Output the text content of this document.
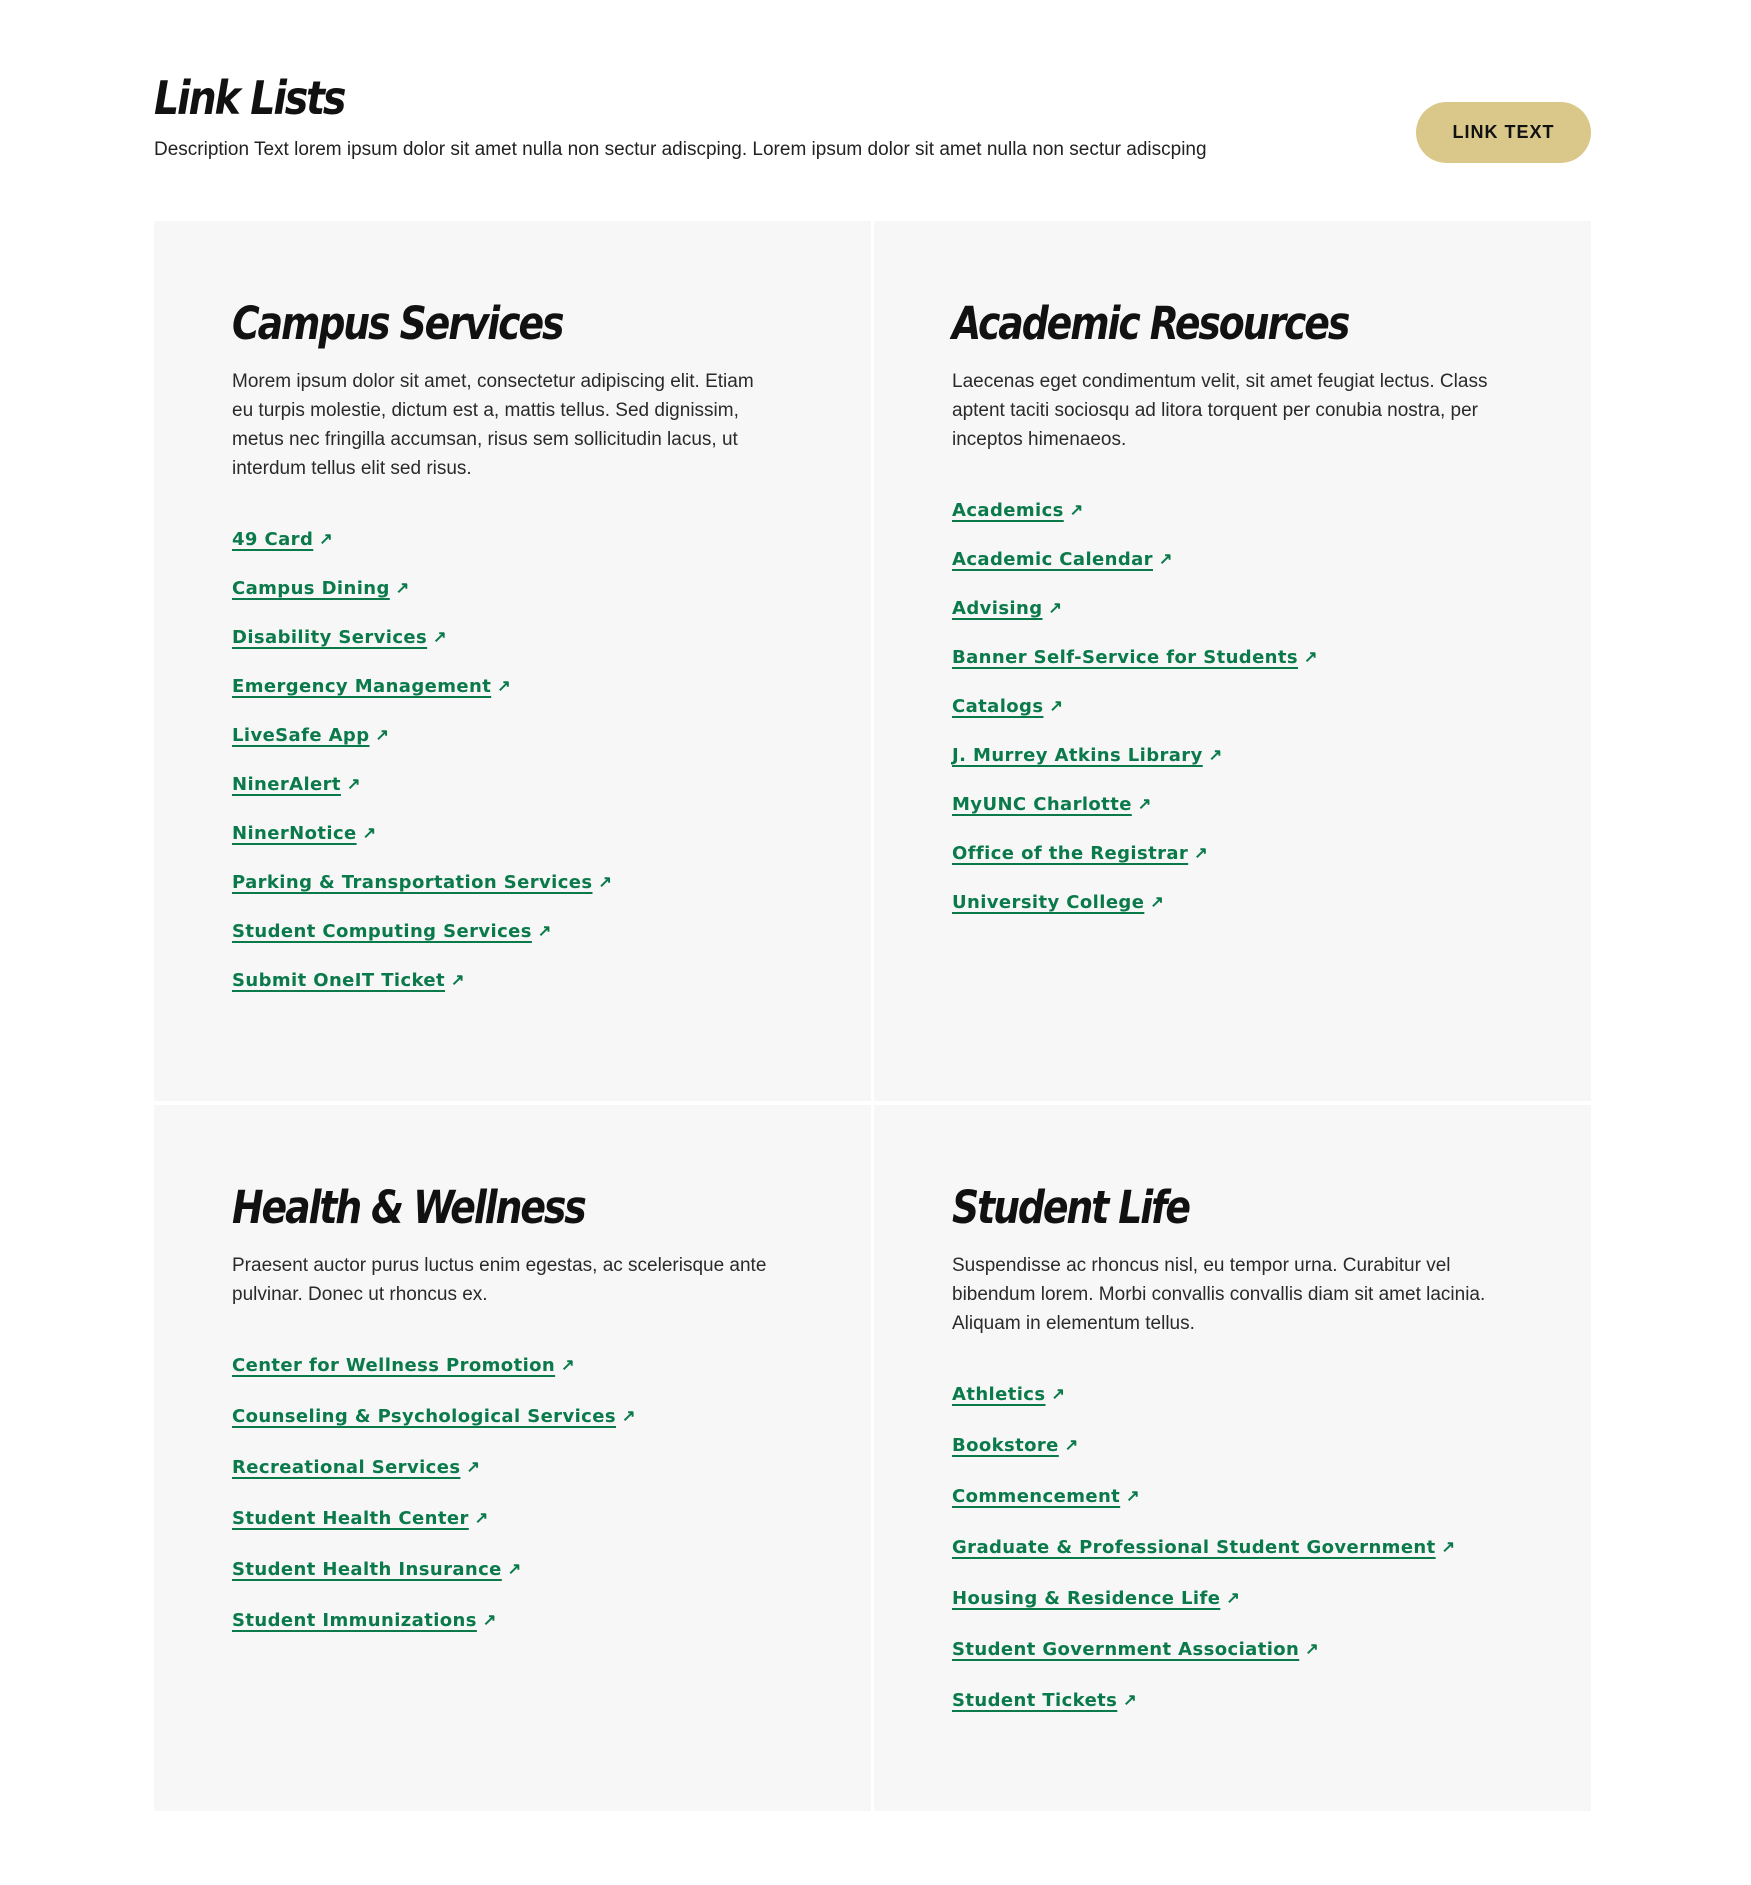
Link Lists

Description Text lorem ipsum dolor sit amet nulla non sectur adiscping. Lorem ipsum dolor sit amet nulla non sectur adiscping

LINK TEXT
Campus Services

Morem ipsum dolor sit amet, consectetur adipiscing elit. Etiam eu turpis molestie, dictum est a, mattis tellus. Sed dignissim, metus nec fringilla accumsan, risus sem sollicitudin lacus, ut interdum tellus elit sed risus.

49 Card ↗
Campus Dining ↗
Disability Services ↗
Emergency Management ↗
LiveSafe App ↗
NinerAlert ↗
NinerNotice ↗
Parking & Transportation Services ↗
Student Computing Services ↗
Submit OneIT Ticket ↗
Academic Resources

Laecenas eget condimentum velit, sit amet feugiat lectus. Class aptent taciti sociosqu ad litora torquent per conubia nostra, per inceptos himenaeos.

Academics ↗
Academic Calendar ↗
Advising ↗
Banner Self-Service for Students ↗
Catalogs ↗
J. Murrey Atkins Library ↗
MyUNC Charlotte ↗
Office of the Registrar ↗
University College ↗
Health & Wellness

Praesent auctor purus luctus enim egestas, ac scelerisque ante pulvinar. Donec ut rhoncus ex.

Center for Wellness Promotion ↗
Counseling & Psychological Services ↗
Recreational Services ↗
Student Health Center ↗
Student Health Insurance ↗
Student Immunizations ↗
Student Life

Suspendisse ac rhoncus nisl, eu tempor urna. Curabitur vel bibendum lorem. Morbi convallis convallis diam sit amet lacinia. Aliquam in elementum tellus.

Athletics ↗
Bookstore ↗
Commencement ↗
Graduate & Professional Student Government ↗
Housing & Residence Life ↗
Student Government Association ↗
Student Tickets ↗
